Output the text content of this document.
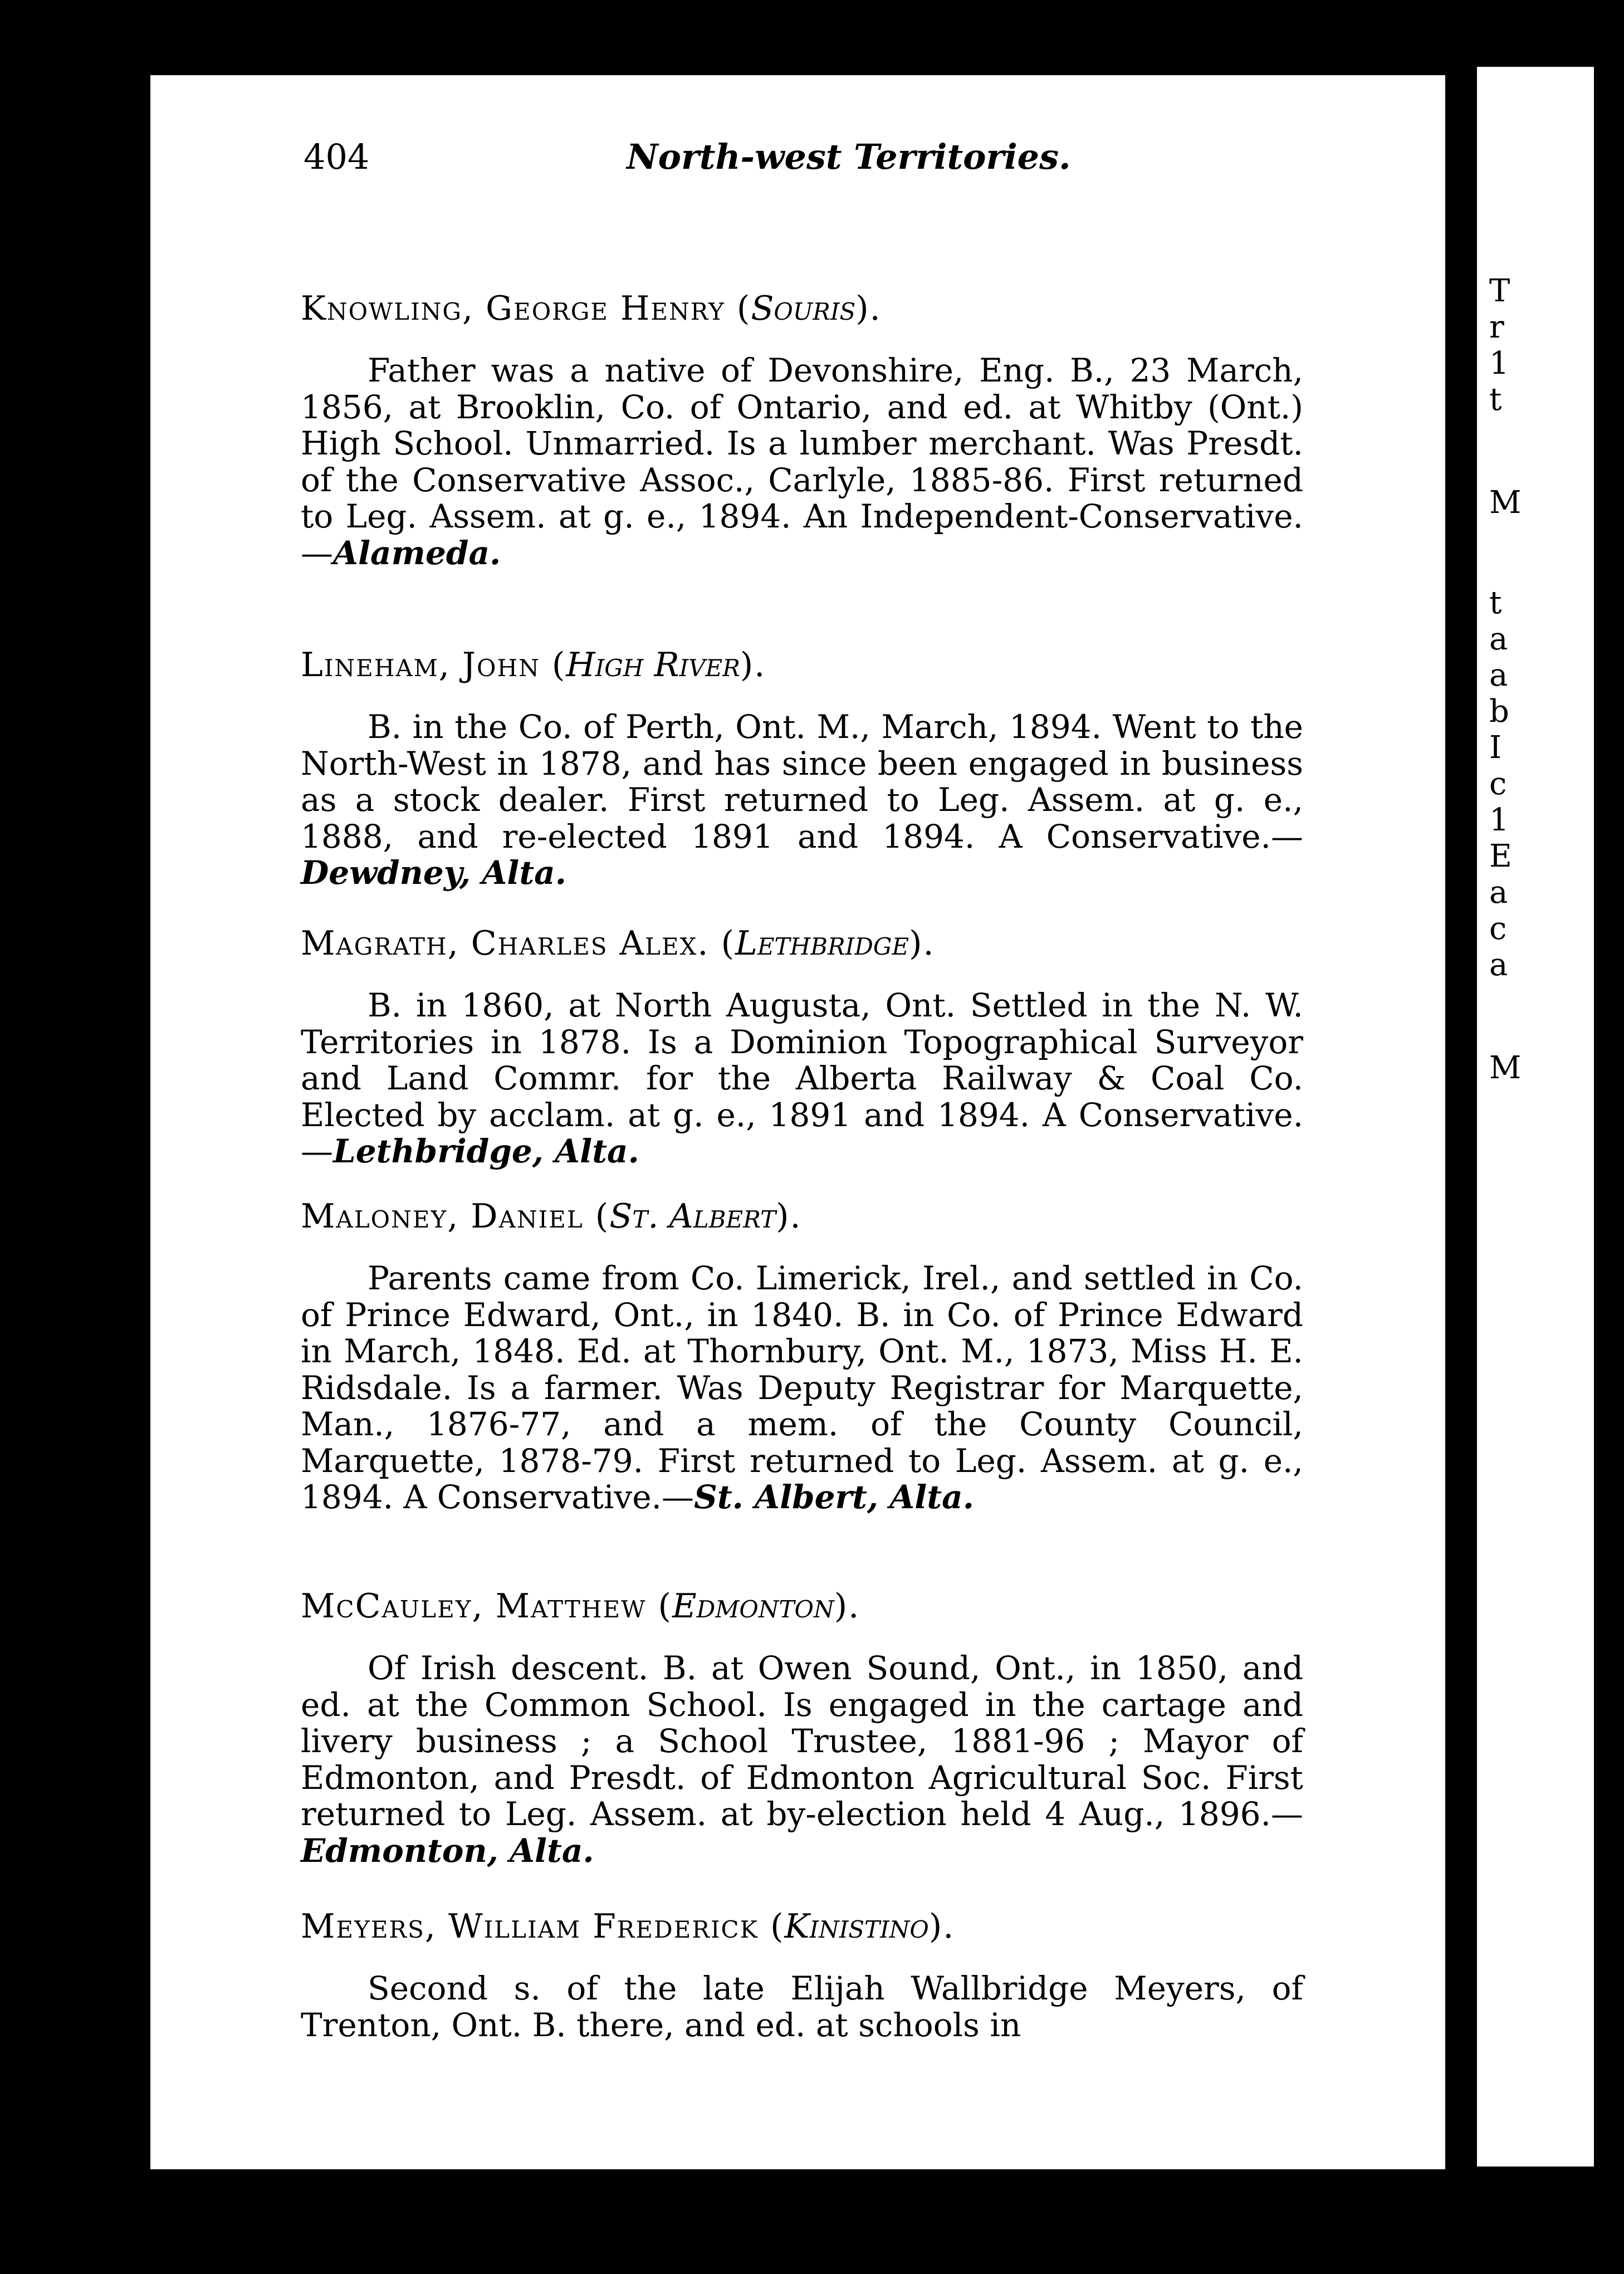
T
r
1
t
M
t
a
a
b
I
c
1
E
a
c
a
M
404	North-west Territories.
Knowling, George Henry (Souris).

Father was a native of Devonshire, Eng. B., 23 March, 1856, at Brooklin, Co. of Ontario, and ed. at Whitby (Ont.) High School. Unmarried. Is a lumber merchant. Was Presdt. of the Conservative Assoc., Carlyle, 1885-86. First returned to Leg. Assem. at g. e., 1894. An Independent-Conservative.—Alameda.

Lineham, John (High River).

B. in the Co. of Perth, Ont. M., March, 1894. Went to the North-West in 1878, and has since been engaged in business as a stock dealer. First returned to Leg. Assem. at g. e., 1888, and re-elected 1891 and 1894. A Conservative.—Dewdney, Alta.

Magrath, Charles Alex. (Lethbridge).

B. in 1860, at North Augusta, Ont. Settled in the N. W. Territories in 1878. Is a Dominion Topographical Surveyor and Land Commr. for the Alberta Railway & Coal Co. Elected by acclam. at g. e., 1891 and 1894. A Conservative.—Lethbridge, Alta.

Maloney, Daniel (St. Albert).

Parents came from Co. Limerick, Irel., and settled in Co. of Prince Edward, Ont., in 1840. B. in Co. of Prince Edward in March, 1848. Ed. at Thornbury, Ont. M., 1873, Miss H. E. Ridsdale. Is a farmer. Was Deputy Registrar for Marquette, Man., 1876-77, and a mem. of the County Council, Marquette, 1878-79. First returned to Leg. Assem. at g. e., 1894. A Conservative.—St. Albert, Alta.

McCauley, Matthew (Edmonton).

Of Irish descent. B. at Owen Sound, Ont., in 1850, and ed. at the Common School. Is engaged in the cartage and livery business ; a School Trustee, 1881-96 ; Mayor of Edmonton, and Presdt. of Edmonton Agricultural Soc. First returned to Leg. Assem. at by-election held 4 Aug., 1896.—Edmonton, Alta.

Meyers, William Frederick (Kinistino).

Second s. of the late Elijah Wallbridge Meyers, of Trenton, Ont. B. there, and ed. at schools in
